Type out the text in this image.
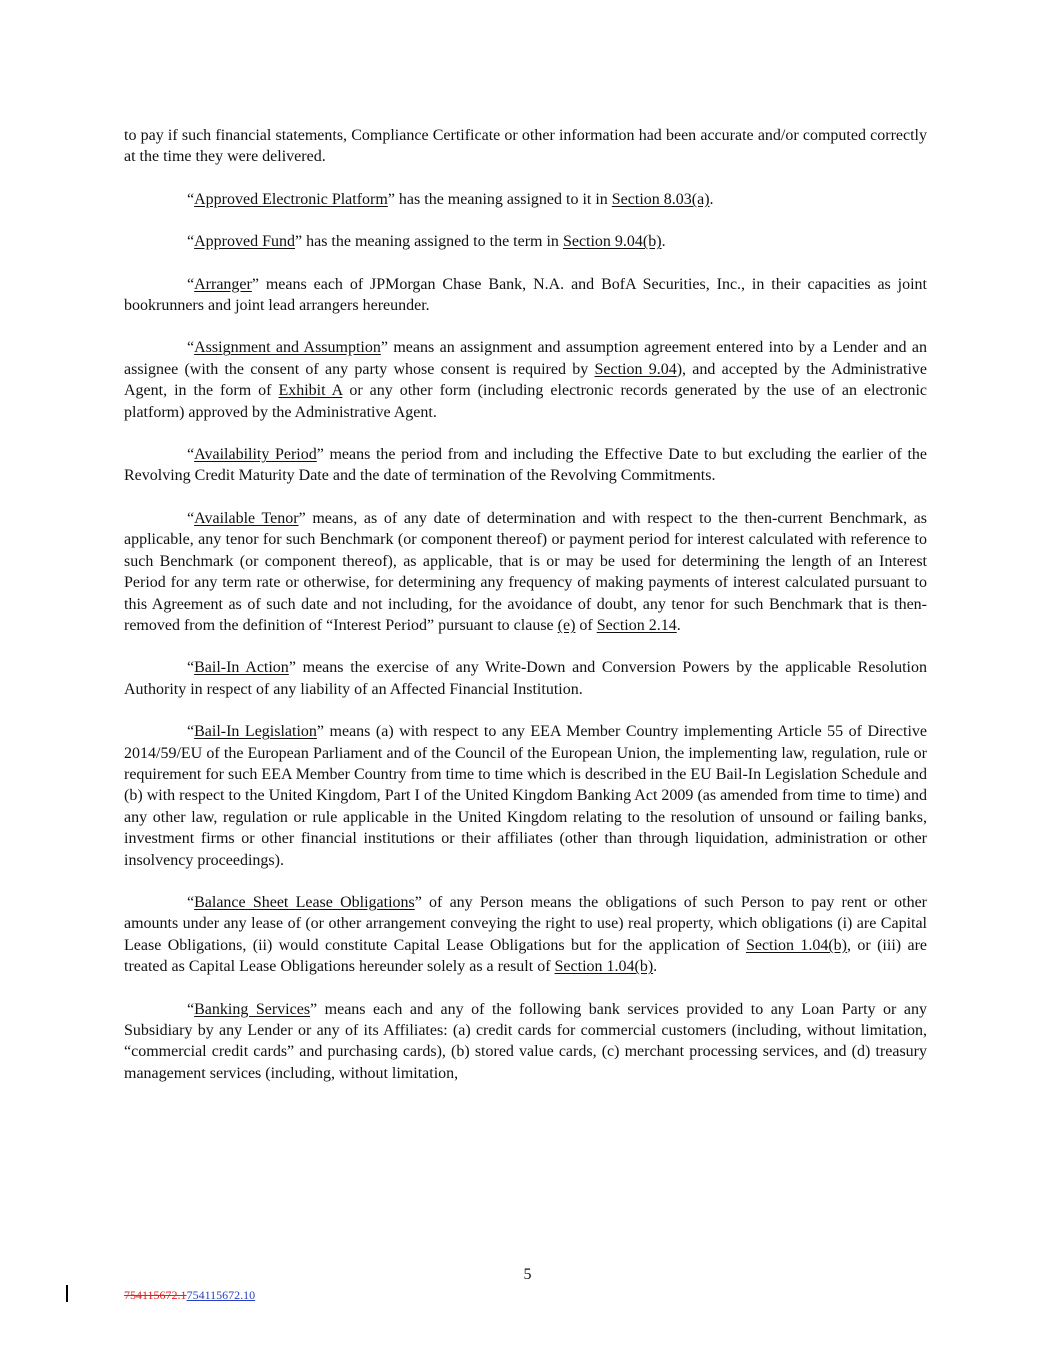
to pay if such financial statements, Compliance Certificate or other information had been accurate and/or computed correctly at the time they were delivered.

“Approved Electronic Platform” has the meaning assigned to it in Section 8.03(a).

“Approved Fund” has the meaning assigned to the term in Section 9.04(b).

“Arranger” means each of JPMorgan Chase Bank, N.A. and BofA Securities, Inc., in their capacities as joint bookrunners and joint lead arrangers hereunder.

“Assignment and Assumption” means an assignment and assumption agreement entered into by a Lender and an assignee (with the consent of any party whose consent is required by Section 9.04), and accepted by the Administrative Agent, in the form of Exhibit A or any other form (including electronic records generated by the use of an electronic platform) approved by the Administrative Agent.

“Availability Period” means the period from and including the Effective Date to but excluding the earlier of the Revolving Credit Maturity Date and the date of termination of the Revolving Commitments.

“Available Tenor” means, as of any date of determination and with respect to the then-current Benchmark, as applicable, any tenor for such Benchmark (or component thereof) or payment period for interest calculated with reference to such Benchmark (or component thereof), as applicable, that is or may be used for determining the length of an Interest Period for any term rate or otherwise, for determining any frequency of making payments of interest calculated pursuant to this Agreement as of such date and not including, for the avoidance of doubt, any tenor for such Benchmark that is then-removed from the definition of “Interest Period” pursuant to clause (e) of Section 2.14.

“Bail-In Action” means the exercise of any Write-Down and Conversion Powers by the applicable Resolution Authority in respect of any liability of an Affected Financial Institution.

“Bail-In Legislation” means (a) with respect to any EEA Member Country implementing Article 55 of Directive 2014/59/EU of the European Parliament and of the Council of the European Union, the implementing law, regulation, rule or requirement for such EEA Member Country from time to time which is described in the EU Bail-In Legislation Schedule and (b) with respect to the United Kingdom, Part I of the United Kingdom Banking Act 2009 (as amended from time to time) and any other law, regulation or rule applicable in the United Kingdom relating to the resolution of unsound or failing banks, investment firms or other financial institutions or their affiliates (other than through liquidation, administration or other insolvency proceedings).

“Balance Sheet Lease Obligations” of any Person means the obligations of such Person to pay rent or other amounts under any lease of (or other arrangement conveying the right to use) real property, which obligations (i) are Capital Lease Obligations, (ii) would constitute Capital Lease Obligations but for the application of Section 1.04(b), or (iii) are treated as Capital Lease Obligations hereunder solely as a result of Section 1.04(b).

“Banking Services” means each and any of the following bank services provided to any Loan Party or any Subsidiary by any Lender or any of its Affiliates: (a) credit cards for commercial customers (including, without limitation, “commercial credit cards” and purchasing cards), (b) stored value cards, (c) merchant processing services, and (d) treasury management services (including, without limitation,

5
754115672.1754115672.10
